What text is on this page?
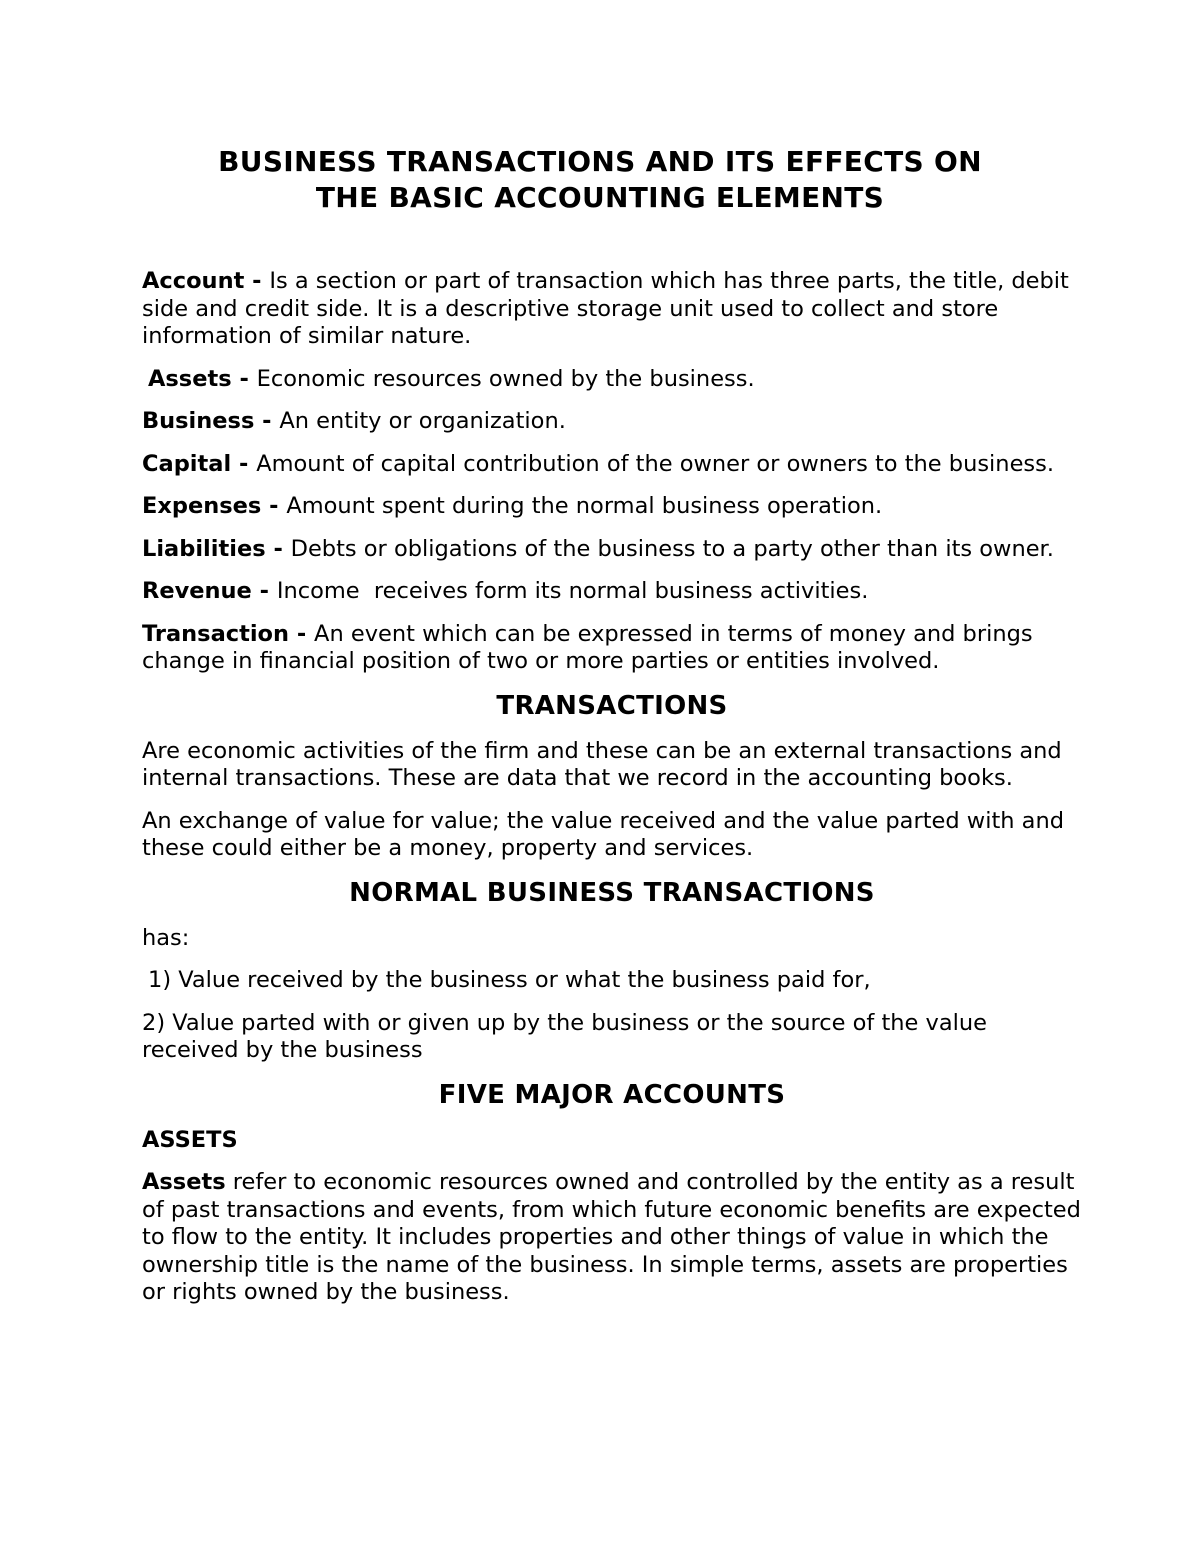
BUSINESS TRANSACTIONS AND ITS EFFECTS ON
THE BASIC ACCOUNTING ELEMENTS

Account - Is a section or part of transaction which has three parts, the title, debit side and credit side. It is a descriptive storage unit used to collect and store information of similar nature.

Assets - Economic resources owned by the business.

Business - An entity or organization.

Capital - Amount of capital contribution of the owner or owners to the business.

Expenses - Amount spent during the normal business operation.

Liabilities - Debts or obligations of the business to a party other than its owner.

Revenue - Income  receives form its normal business activities.

Transaction - An event which can be expressed in terms of money and brings change in financial position of two or more parties or entities involved.

TRANSACTIONS

Are economic activities of the firm and these can be an external transactions and internal transactions. These are data that we record in the accounting books.

An exchange of value for value; the value received and the value parted with and these could either be a money, property and services.

NORMAL BUSINESS TRANSACTIONS

has:

1) Value received by the business or what the business paid for,

2) Value parted with or given up by the business or the source of the value received by the business

FIVE MAJOR ACCOUNTS
ASSETS

Assets refer to economic resources owned and controlled by the entity as a result of past transactions and events, from which future economic benefits are expected to flow to the entity. It includes properties and other things of value in which the ownership title is the name of the business. In simple terms, assets are properties or rights owned by the business.
